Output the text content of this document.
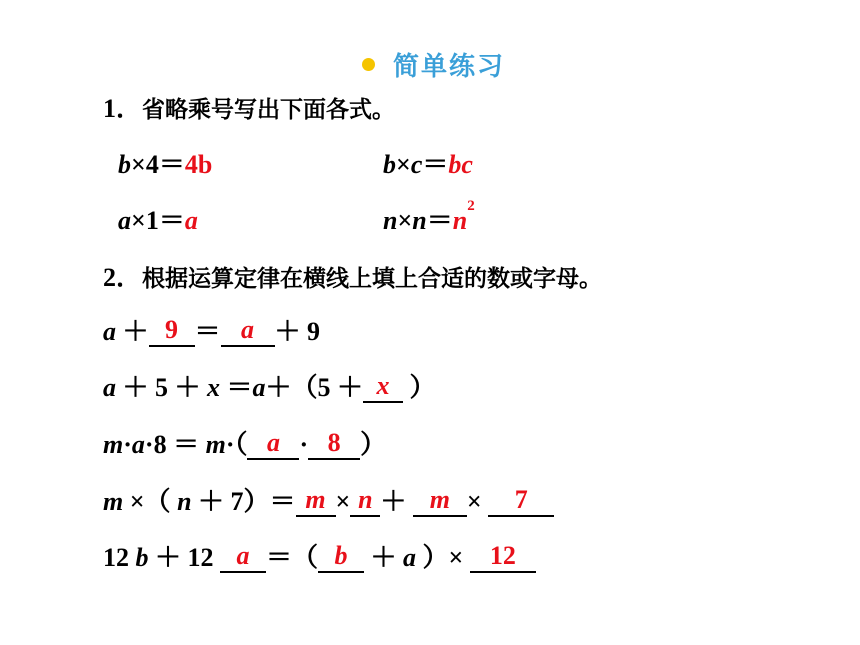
简单练习
1．省略乘号写出下面各式。
b×4＝4b	b×c＝bc
a×1＝a	$n\times n=n^2$
2．根据运算定律在横线上填上合适的数或字母。
a ＋ 9 ＝ a ＋ 9
a ＋ 5 ＋ x ＝a＋（5 ＋ x ）
m·a·8 ＝ m·（ a · 8 ）
m ×（ n ＋ 7）＝ m × n ＋ m × 7
12 b ＋ 12 a ＝（ b ＋ a ）× 12
